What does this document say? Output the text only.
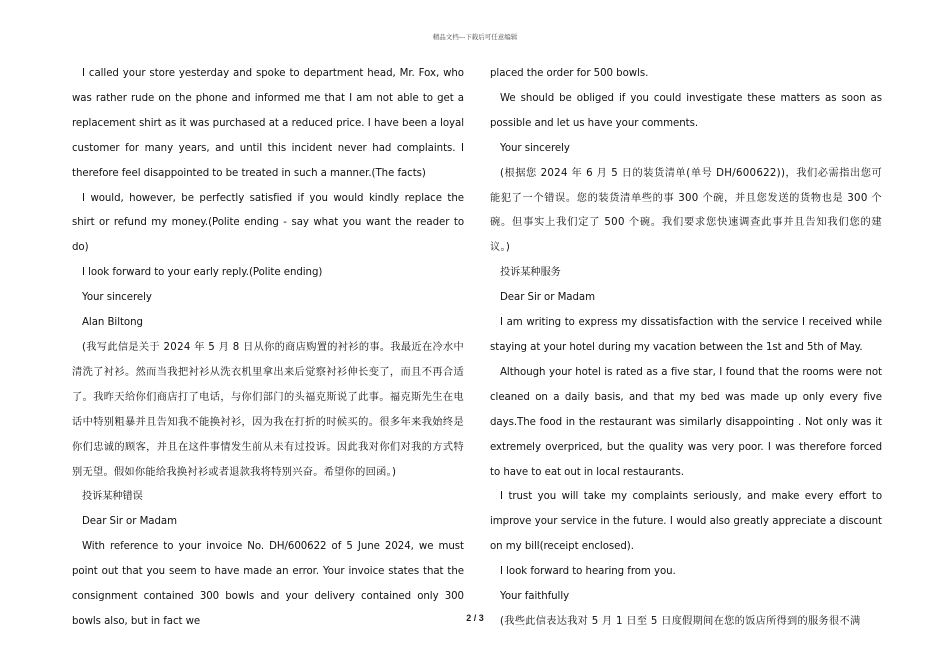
精品文档---下载后可任意编辑

I called your store yesterday and spoke to department head, Mr. Fox, who was rather rude on the phone and informed me that I am not able to get a replacement shirt as it was purchased at a reduced price. I have been a loyal customer for many years, and until this incident never had complaints. I therefore feel disappointed to be treated in such a manner.(The facts)

I would, however, be perfectly satisfied if you would kindly replace the shirt or refund my money.(Polite ending - say what you want the reader to do)

I look forward to your early reply.(Polite ending)

Your sincerely

Alan Biltong

(我写此信是关于 2024 年 5 月 8 日从你的商店购置的衬衫的事。我最近在冷水中清洗了衬衫。然而当我把衬衫从洗衣机里拿出来后觉察衬衫伸长变了，而且不再合适了。我昨天给你们商店打了电话，与你们部门的头福克斯说了此事。福克斯先生在电话中特别粗暴并且告知我不能换衬衫，因为我在打折的时候买的。很多年来我始终是你们忠诚的顾客，并且在这件事情发生前从未有过投诉。因此我对你们对我的方式特别无望。假如你能给我换衬衫或者退款我将特别兴奋。希望你的回函。)

投诉某种错误

Dear Sir or Madam

With reference to your invoice No. DH/600622 of 5 June 2024, we must point out that you seem to have made an error. Your invoice states that the consignment contained 300 bowls and your delivery contained only 300 bowls also, but in fact we

placed the order for 500 bowls.

We should be obliged if you could investigate these matters as soon as possible and let us have your comments.

Your sincerely

(根据您 2024 年 6 月 5 日的装货清单(单号 DH/600622))，我们必需指出您可能犯了一个错误。您的装货清单些的事 300 个碗，并且您发送的货物也是 300 个碗。但事实上我们定了 500 个碗。我们要求您快速调查此事并且告知我们您的建议。)

投诉某种服务

Dear Sir or Madam

I am writing to express my dissatisfaction with the service I received while staying at your hotel during my vacation between the 1st and 5th of May.

Although your hotel is rated as a five star, I found that the rooms were not cleaned on a daily basis, and that my bed was made up only every five days.The food in the restaurant was similarly disappointing . Not only was it extremely overpriced, but the quality was very poor. I was therefore forced to have to eat out in local restaurants.

I trust you will take my complaints seriously, and make every effort to improve your service in the future. I would also greatly appreciate a discount on my bill(receipt enclosed).

I look forward to hearing from you.

Your faithfully

(我些此信表达我对 5 月 1 日至 5 日度假期间在您的饭店所得到的服务很不满

2 / 3
